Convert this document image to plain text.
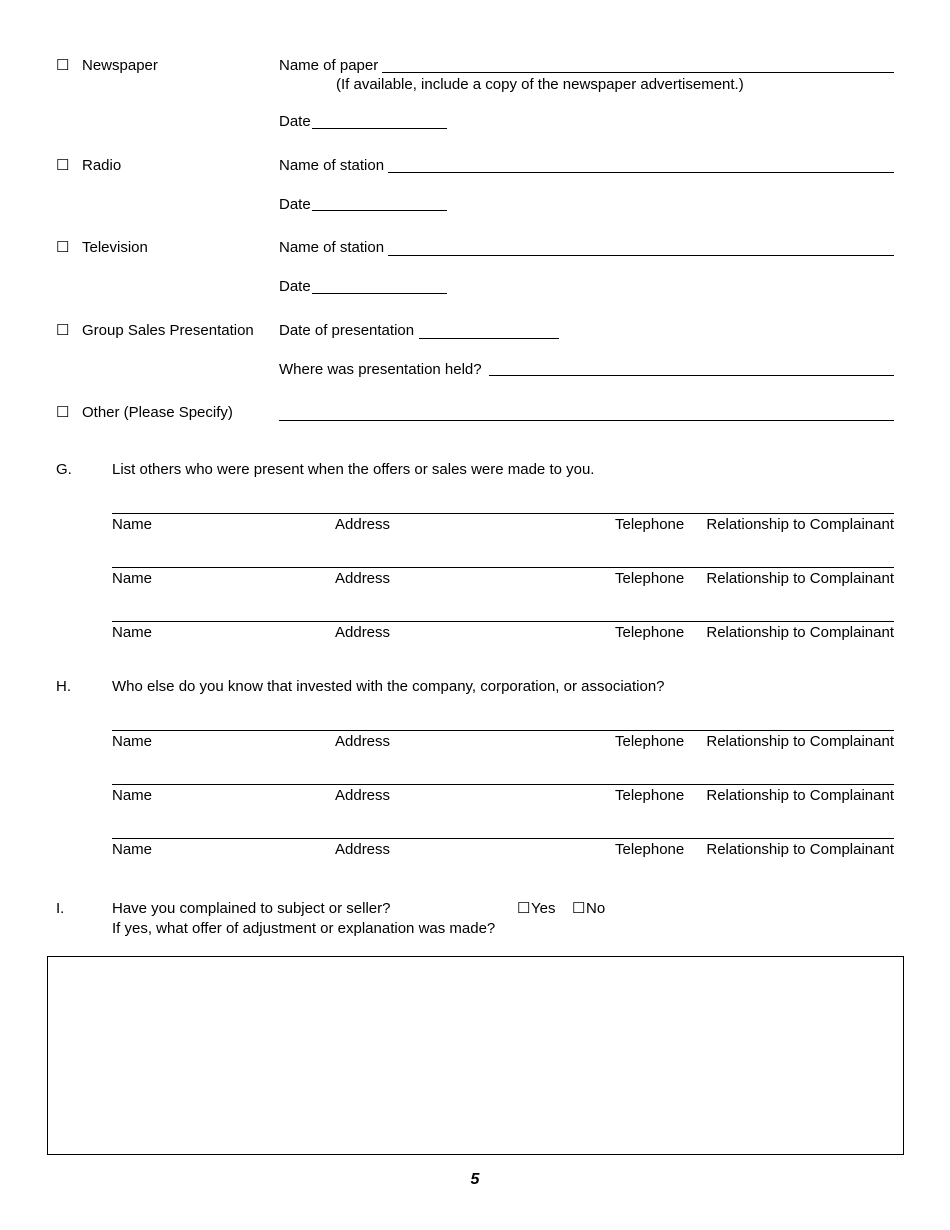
☐ Newspaper	Name of paper
(If available, include a copy of the newspaper advertisement.)
Date
☐ Radio	Name of station
Date
☐ Television	Name of station
Date
☐ Group Sales Presentation Date of presentation
Where was presentation held?
☐ Other (Please Specify)
G.	List others who were present when the offers or sales were made to you.
Name	Address	Telephone Relationship to Complainant
Name	Address	Telephone Relationship to Complainant
Name	Address	Telephone Relationship to Complainant
H.	Who else do you know that invested with the company, corporation, or association?
Name	Address	Telephone Relationship to Complainant
Name	Address	Telephone Relationship to Complainant
Name	Address	Telephone Relationship to Complainant
I.	Have you complained to subject or seller?	☐ Yes ☐ No
If yes, what offer of adjustment or explanation was made?
5
